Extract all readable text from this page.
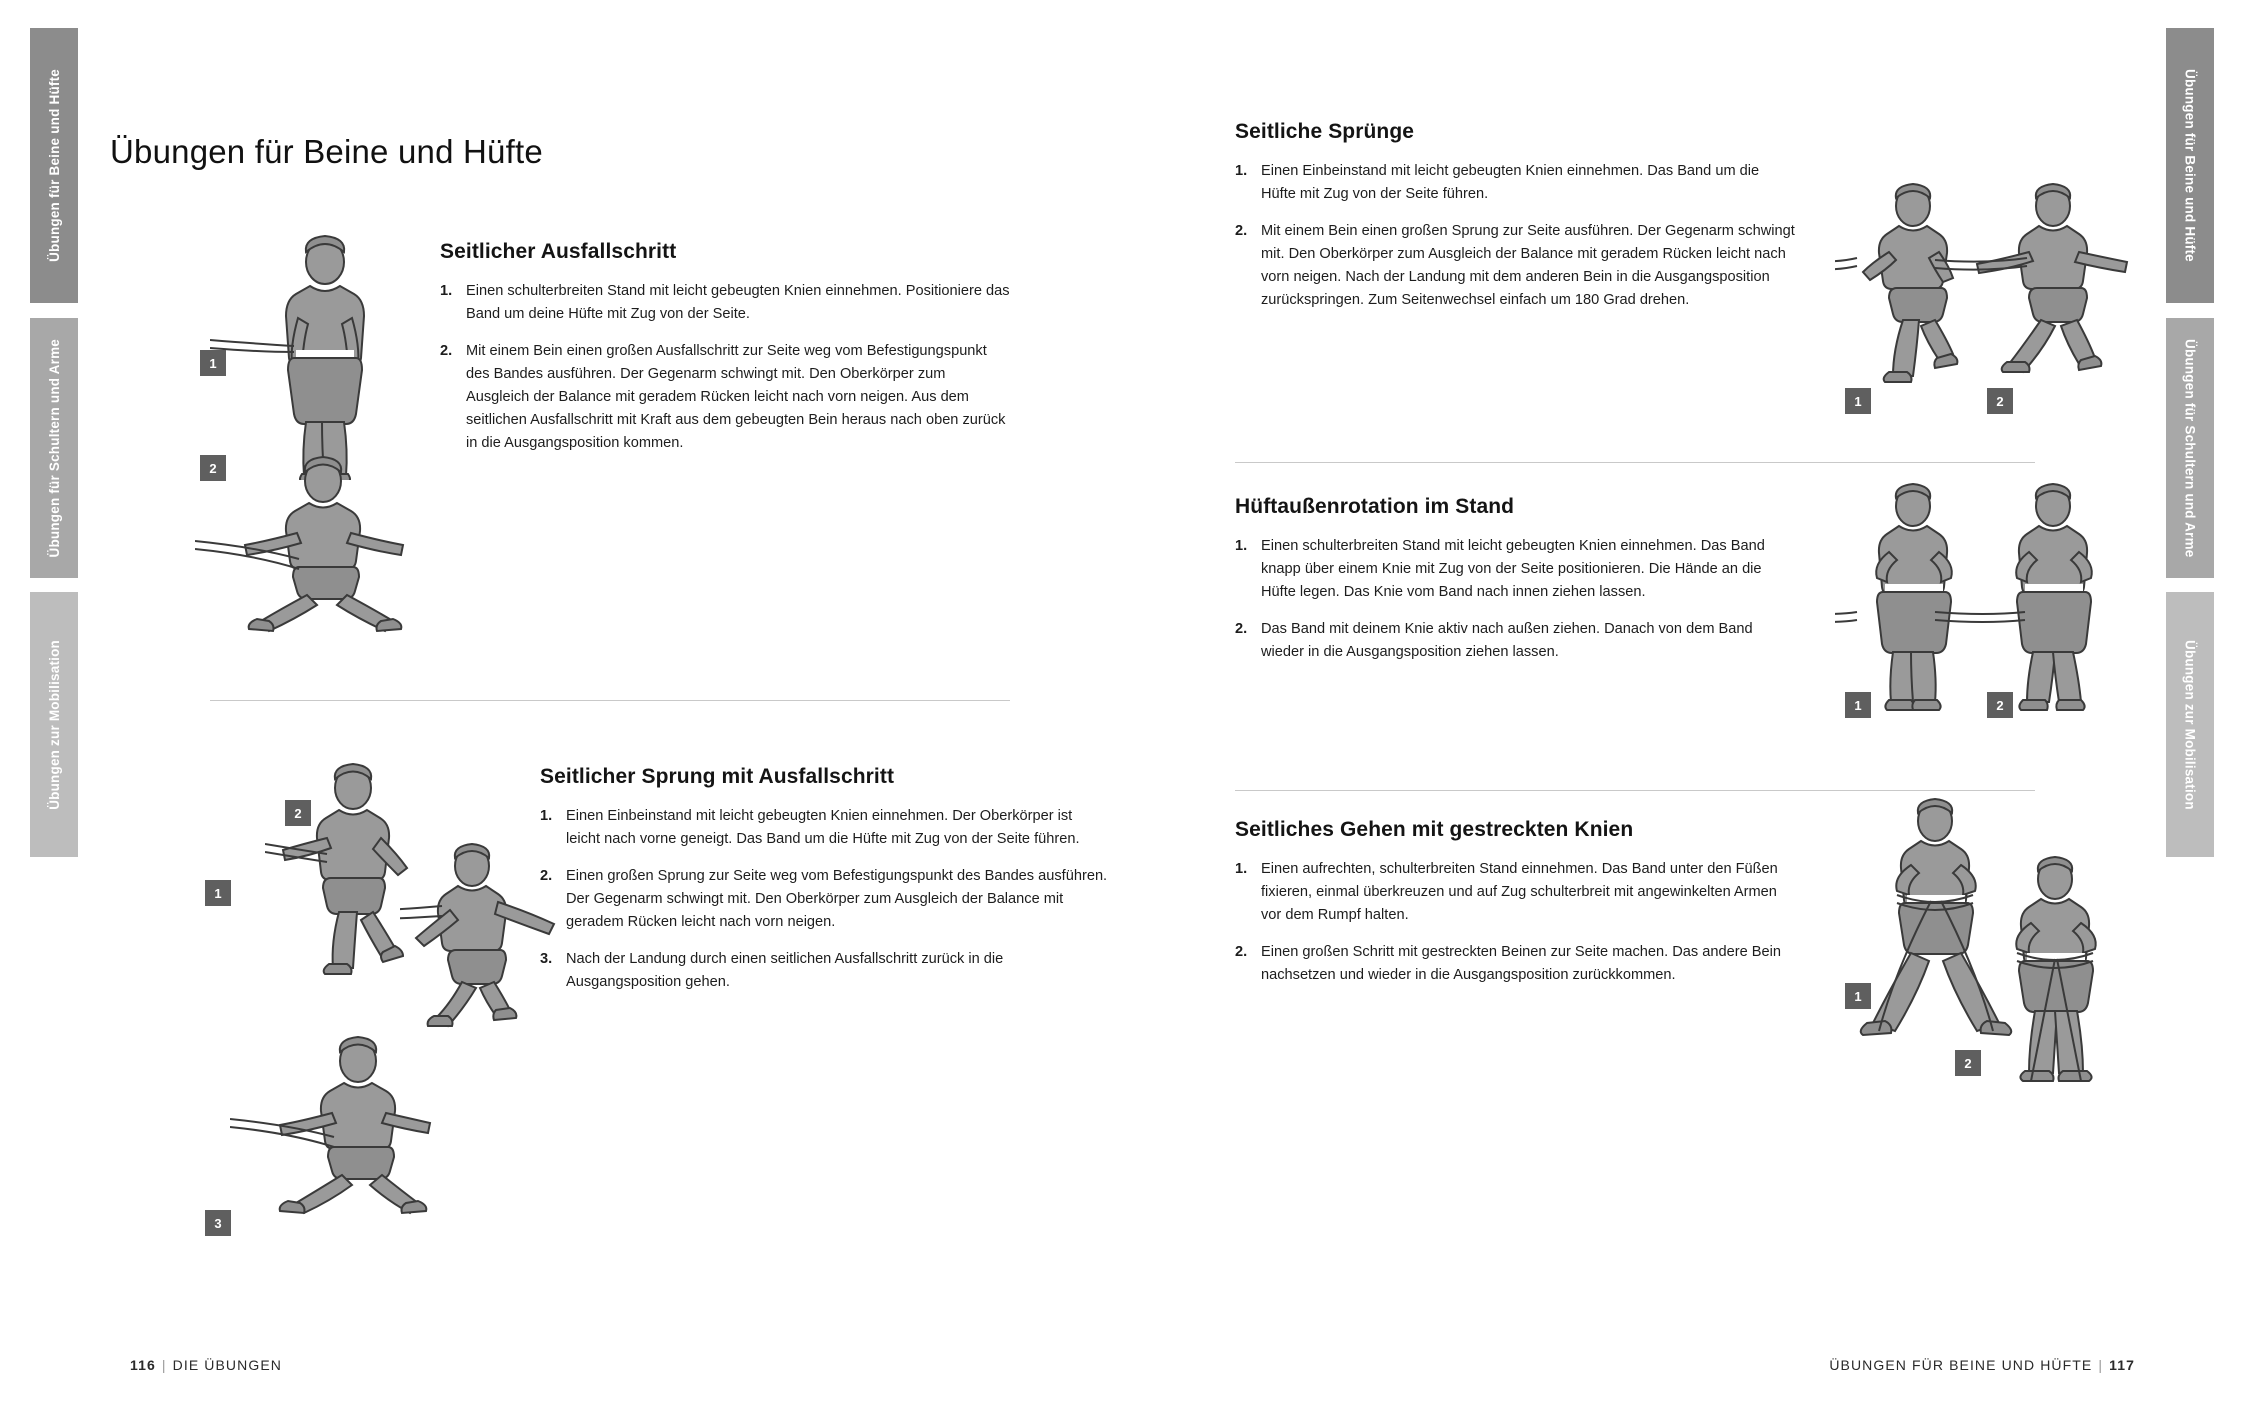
Übungen für Beine und Hüfte
Übungen für Schultern und Arme
Übungen zur Mobilisation
Übungen für Beine und Hüfte
Übungen für Schultern und Arme
Übungen zur Mobilisation
Übungen für Beine und Hüfte
Seitlicher Ausfallschritt
1. Einen schulterbreiten Stand mit leicht gebeugten Knien einnehmen. Positioniere das Band um deine Hüfte mit Zug von der Seite.
2. Mit einem Bein einen großen Ausfallschritt zur Seite weg vom Befestigungspunkt des Bandes ausführen. Der Gegenarm schwingt mit. Den Oberkörper zum Ausgleich der Balance mit geradem Rücken leicht nach vorn neigen. Aus dem seitlichen Ausfallschritt mit Kraft aus dem gebeugten Bein heraus nach oben zurück in die Ausgangsposition kommen.
1
2
Seitlicher Sprung mit Ausfallschritt
1. Einen Einbeinstand mit leicht gebeugten Knien einnehmen. Der Oberkörper ist leicht nach vorne geneigt. Das Band um die Hüfte mit Zug von der Seite führen.
2. Einen großen Sprung zur Seite weg vom Befestigungspunkt des Bandes ausführen. Der Gegenarm schwingt mit. Den Oberkörper zum Ausgleich der Balance mit geradem Rücken leicht nach vorn neigen.
3. Nach der Landung durch einen seitlichen Ausfallschritt zurück in die Ausgangsposition gehen.
1
2
3
116 | DIE ÜBUNGEN
Seitliche Sprünge
1. Einen Einbeinstand mit leicht gebeugten Knien einnehmen. Das Band um die Hüfte mit Zug von der Seite führen.
2. Mit einem Bein einen großen Sprung zur Seite ausführen. Der Gegenarm schwingt mit. Den Oberkörper zum Ausgleich der Balance mit geradem Rücken leicht nach vorn neigen. Nach der Landung mit dem anderen Bein in die Ausgangsposition zurückspringen. Zum Seitenwechsel einfach um 180 Grad drehen.
1	2
Hüftaußenrotation im Stand
1. Einen schulterbreiten Stand mit leicht gebeugten Knien einnehmen. Das Band knapp über einem Knie mit Zug von der Seite positionieren. Die Hände an die Hüfte legen. Das Knie vom Band nach innen ziehen lassen.
2. Das Band mit deinem Knie aktiv nach außen ziehen. Danach von dem Band wieder in die Ausgangsposition ziehen lassen.
1	2
Seitliches Gehen mit gestreckten Knien
1. Einen aufrechten, schulterbreiten Stand einnehmen. Das Band unter den Füßen fixieren, einmal überkreuzen und auf Zug schulterbreit mit angewinkelten Armen vor dem Rumpf halten.
2. Einen großen Schritt mit gestreckten Beinen zur Seite machen. Das andere Bein nachsetzen und wieder in die Ausgangsposition zurückkommen.
1
2
ÜBUNGEN FÜR BEINE UND HÜFTE | 117
